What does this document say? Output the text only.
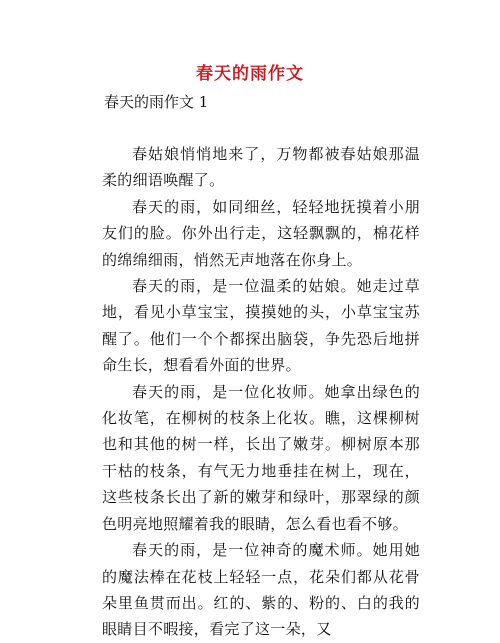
春天的雨作文
春天的雨作文 1

春姑娘悄悄地来了，万物都被春姑娘那温柔的细语唤醒了。

春天的雨，如同细丝，轻轻地抚摸着小朋友们的脸。你外出行走，这轻飘飘的，棉花样的绵绵细雨，悄然无声地落在你身上。

春天的雨，是一位温柔的姑娘。她走过草地，看见小草宝宝，摸摸她的头，小草宝宝苏醒了。他们一个个都探出脑袋，争先恐后地拼命生长，想看看外面的世界。

春天的雨，是一位化妆师。她拿出绿色的化妆笔，在柳树的枝条上化妆。瞧，这棵柳树也和其他的树一样，长出了嫩芽。柳树原本那干枯的枝条，有气无力地垂挂在树上，现在，这些枝条长出了新的嫩芽和绿叶，那翠绿的颜色明亮地照耀着我的眼睛，怎么看也看不够。

春天的雨，是一位神奇的魔术师。她用她的魔法棒在花枝上轻轻一点，花朵们都从花骨朵里鱼贯而出。红的、紫的、粉的、白的我的眼睛目不暇接，看完了这一朵，又
